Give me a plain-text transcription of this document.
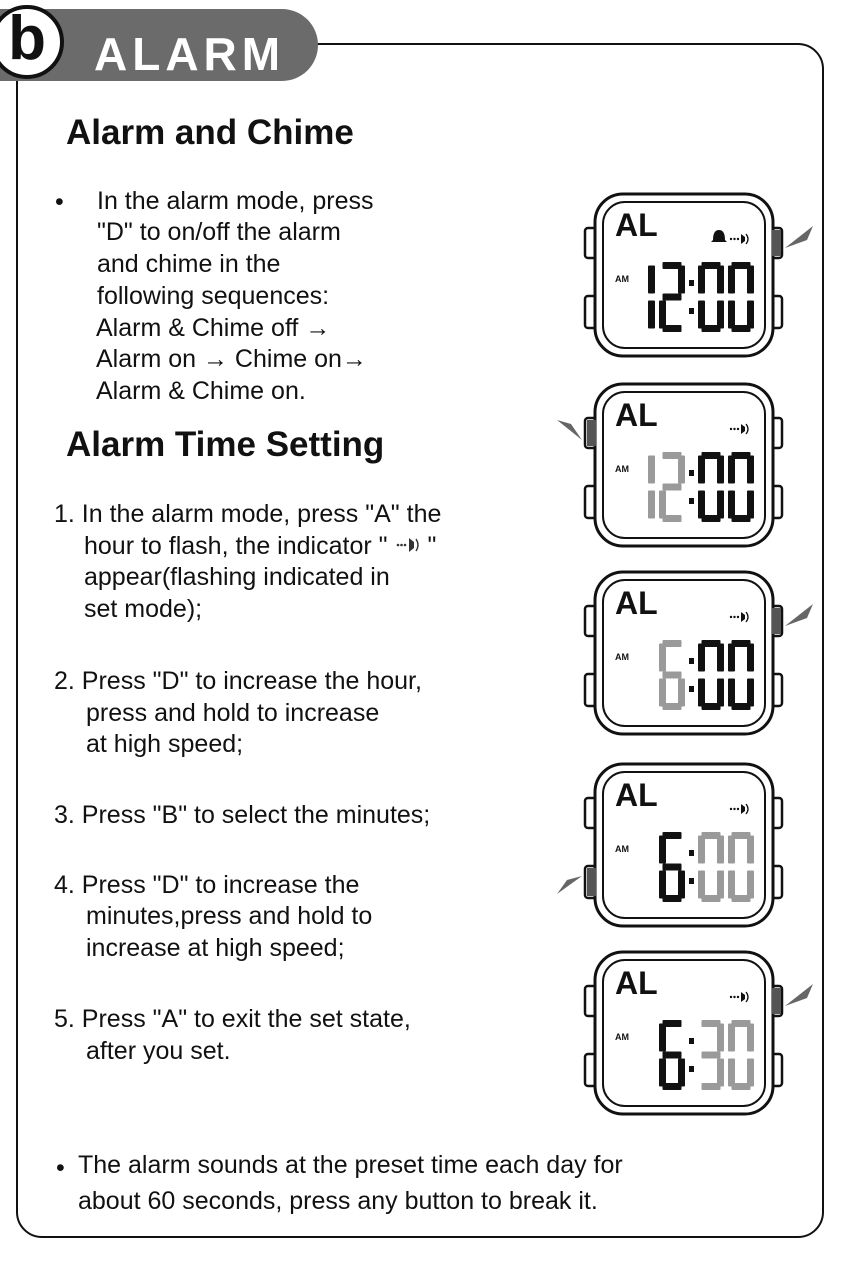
ALARM
b
Alarm and Chime
• In the alarm mode, press
"D" to on/off the alarm
and chime in the
following sequences:
Alarm & Chime off →
Alarm on → Chime on→
Alarm & Chime on.
Alarm Time Setting
1. In the alarm mode, press "A" the
hour to flash, the indicator " "
appear(flashing indicated in
set mode);
2. Press "D" to increase the hour,
press and hold to increase
at high speed;
3. Press "B" to select the minutes;
4. Press "D" to increase the
minutes,press and hold to
increase at high speed;
5. Press "A" to exit the set state,
after you set.
• The alarm sounds at the preset time each day for
about 60 seconds, press any button to break it.
AL
AM
AL
AM
AL
AM
AL
AM
AL
AM
